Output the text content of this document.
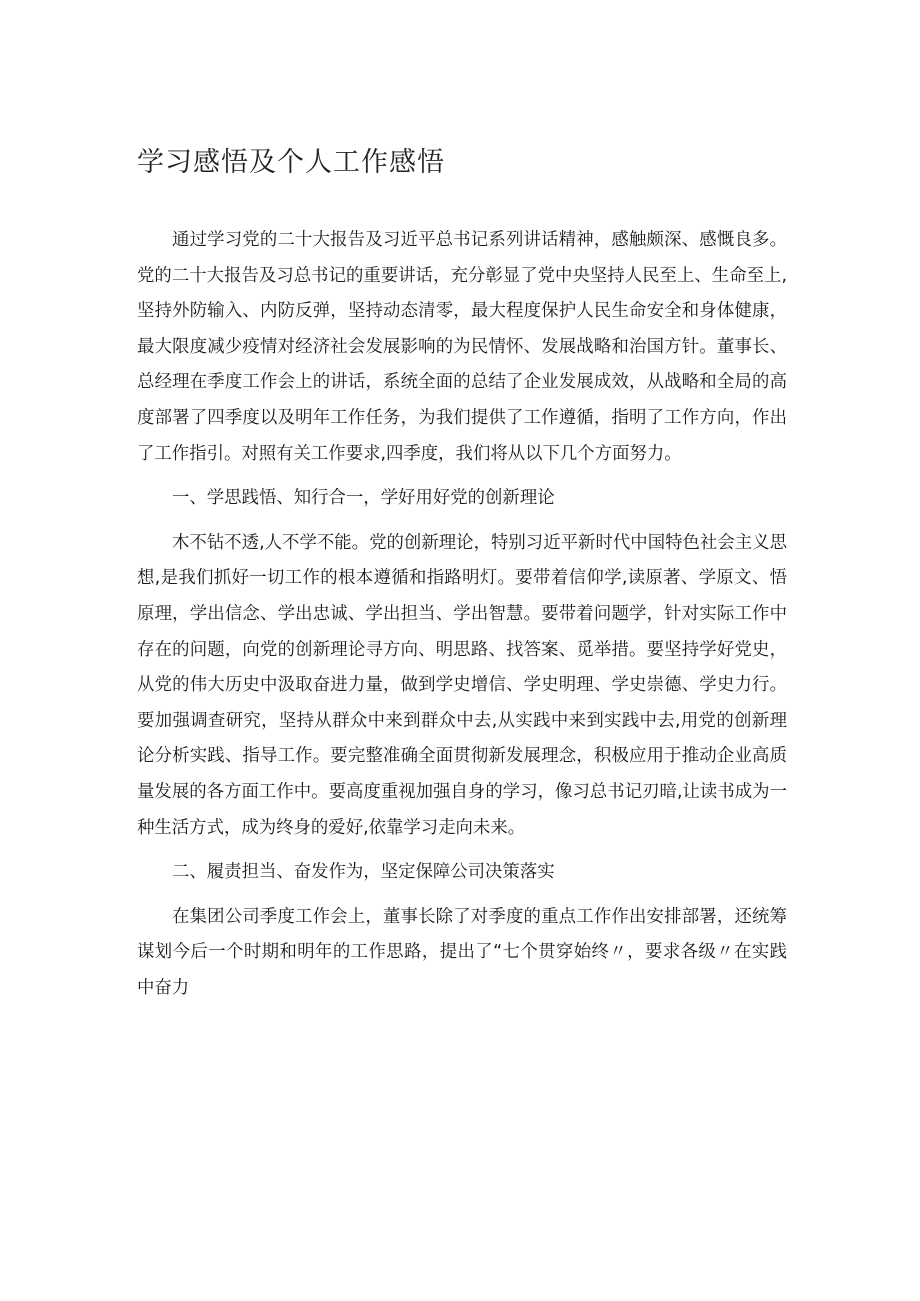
学习感悟及个人工作感悟

通过学习党的二十大报告及习近平总书记系列讲话精神，感触颇深、感慨良多。党的二十大报告及习总书记的重要讲话，充分彰显了党中央坚持人民至上、生命至上,坚持外防输入、内防反弹，坚持动态清零，最大程度保护人民生命安全和身体健康，最大限度减少疫情对经济社会发展影响的为民情怀、发展战略和治国方针。董事长、总经理在季度工作会上的讲话，系统全面的总结了企业发展成效，从战略和全局的高度部署了四季度以及明年工作任务，为我们提供了工作遵循，指明了工作方向，作出了工作指引。对照有关工作要求,四季度，我们将从以下几个方面努力。

一、学思践悟、知行合一，学好用好党的创新理论

木不钻不透,人不学不能。党的创新理论，特别习近平新时代中国特色社会主义思想,是我们抓好一切工作的根本遵循和指路明灯。要带着信仰学,读原著、学原文、悟原理，学出信念、学出忠诚、学出担当、学出智慧。要带着问题学，针对实际工作中存在的问题，向党的创新理论寻方向、明思路、找答案、觅举措。要坚持学好党史，从党的伟大历史中汲取奋进力量，做到学史增信、学史明理、学史崇德、学史力行。要加强调查研究，坚持从群众中来到群众中去,从实践中来到实践中去,用党的创新理论分析实践、指导工作。要完整准确全面贯彻新发展理念，积极应用于推动企业高质量发展的各方面工作中。要高度重视加强自身的学习，像习总书记刃暗,让读书成为一种生活方式，成为终身的爱好,依靠学习走向未来。

二、履责担当、奋发作为，坚定保障公司决策落实

在集团公司季度工作会上，董事长除了对季度的重点工作作出安排部署，还统筹谋划今后一个时期和明年的工作思路，提出了“七个贯穿始终〃，要求各级〃在实践中奋力
